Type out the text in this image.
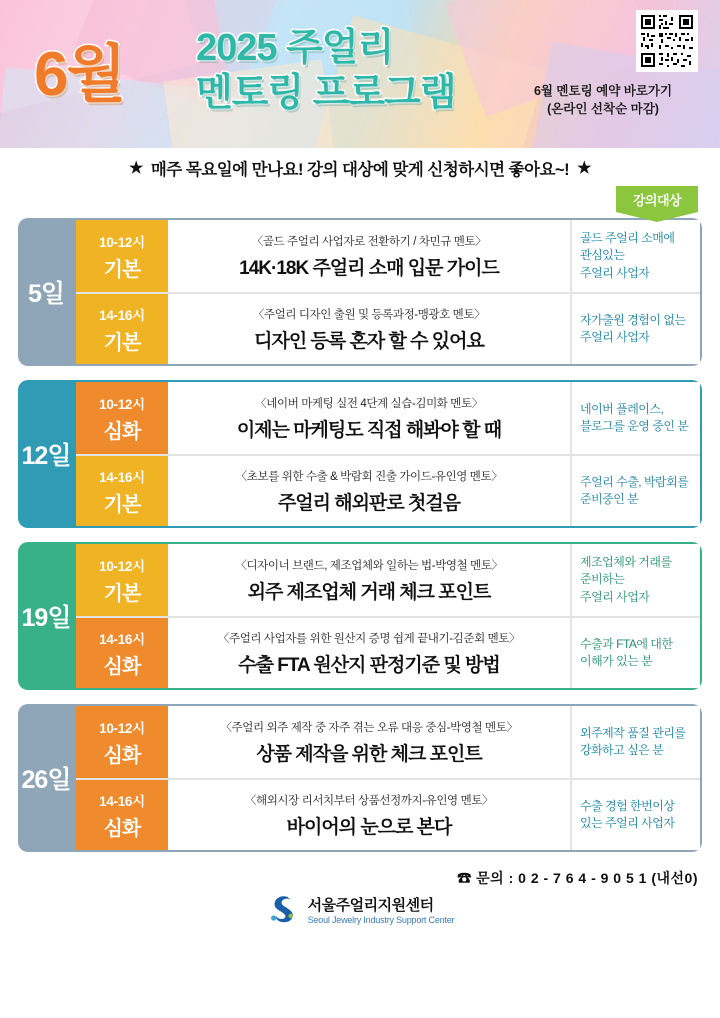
6월 2025 주얼리
멘토링 프로그램	6월 멘토링 예약 바로가기
(온라인 선착순 마감)
★ 매주 목요일에 만나요! 강의 대상에 맞게 신청하시면 좋아요~! ★
강의대상
5일
10-12시
기본
〈골드 주얼리 사업자로 전환하기 / 차민규 멘토〉
14K·18K 주얼리 소매 입문 가이드
골드 주얼리 소매에
관심있는
주얼리 사업자
14-16시
기본
〈주얼리 디자인 출원 및 등록과정-맹광호 멘토〉
디자인 등록 혼자 할 수 있어요
자가출원 경험이 없는
주얼리 사업자
12일
10-12시
심화
〈네이버 마케팅 실전 4단계 실습-김미화 멘토〉
이제는 마케팅도 직접 해봐야 할 때
네이버 플레이스,
블로그를 운영 중인 분
14-16시
기본
〈초보를 위한 수출 & 박람회 진출 가이드-유인영 멘토〉
주얼리 해외판로 첫걸음
주얼리 수출, 박람회를
준비중인 분
19일
10-12시
기본
〈디자이너 브랜드, 제조업체와 일하는 법-박영철 멘토〉
외주 제조업체 거래 체크 포인트
제조업체와 거래를
준비하는
주얼리 사업자
14-16시
심화
〈주얼리 사업자를 위한 원산지 증명 쉽게 끝내기-김준회 멘토〉
수출 FTA 원산지 판정기준 및 방법
수출과 FTA에 대한
이해가 있는 분
26일
10-12시
심화
〈주얼리 외주 제작 중 자주 겪는 오류 대응 중심-박영철 멘토〉
상품 제작을 위한 체크 포인트
외주제작 품질 관리를
강화하고 싶은 분
14-16시
심화
〈해외시장 리서치부터 상품선정까지-유인영 멘토〉
바이어의 눈으로 본다
수출 경험 한번이상
있는 주얼리 사업자
☎ 문의 : 0 2 - 7 6 4 - 9 0 5 1 (내선0)
서울주얼리지원센터
Seoul Jewelry Industry Support Center
